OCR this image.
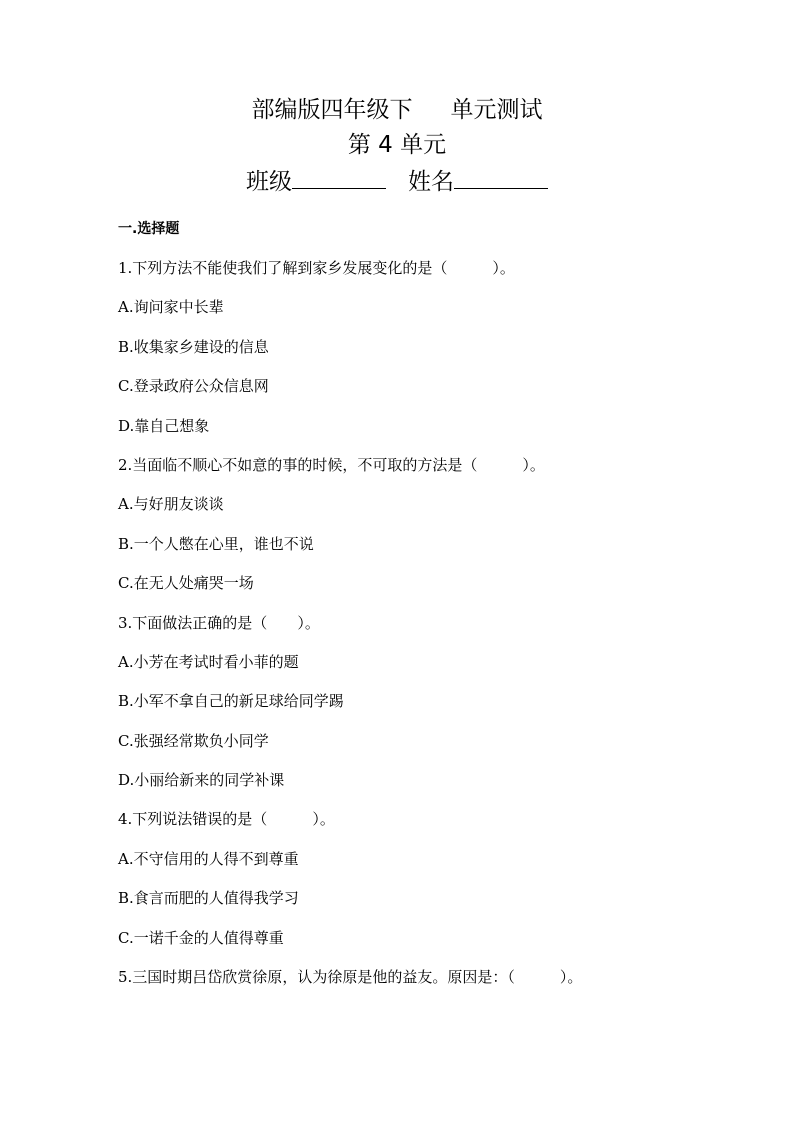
部编版四年级下 单元测试
第 4 单元
班级	姓名
一.选择题
1.下列方法不能使我们了解到家乡发展变化的是（　　　）。
A.询问家中长辈
B.收集家乡建设的信息
C.登录政府公众信息网
D.靠自己想象
2.当面临不顺心不如意的事的时候，不可取的方法是（　　　）。
A.与好朋友谈谈
B.一个人憋在心里，谁也不说
C.在无人处痛哭一场
3.下面做法正确的是（　　）。
A.小芳在考试时看小菲的题
B.小军不拿自己的新足球给同学踢
C.张强经常欺负小同学
D.小丽给新来的同学补课
4.下列说法错误的是（　　　）。
A.不守信用的人得不到尊重
B.食言而肥的人值得我学习
C.一诺千金的人值得尊重
5.三国时期吕岱欣赏徐原，认为徐原是他的益友。原因是：（　　　）。
